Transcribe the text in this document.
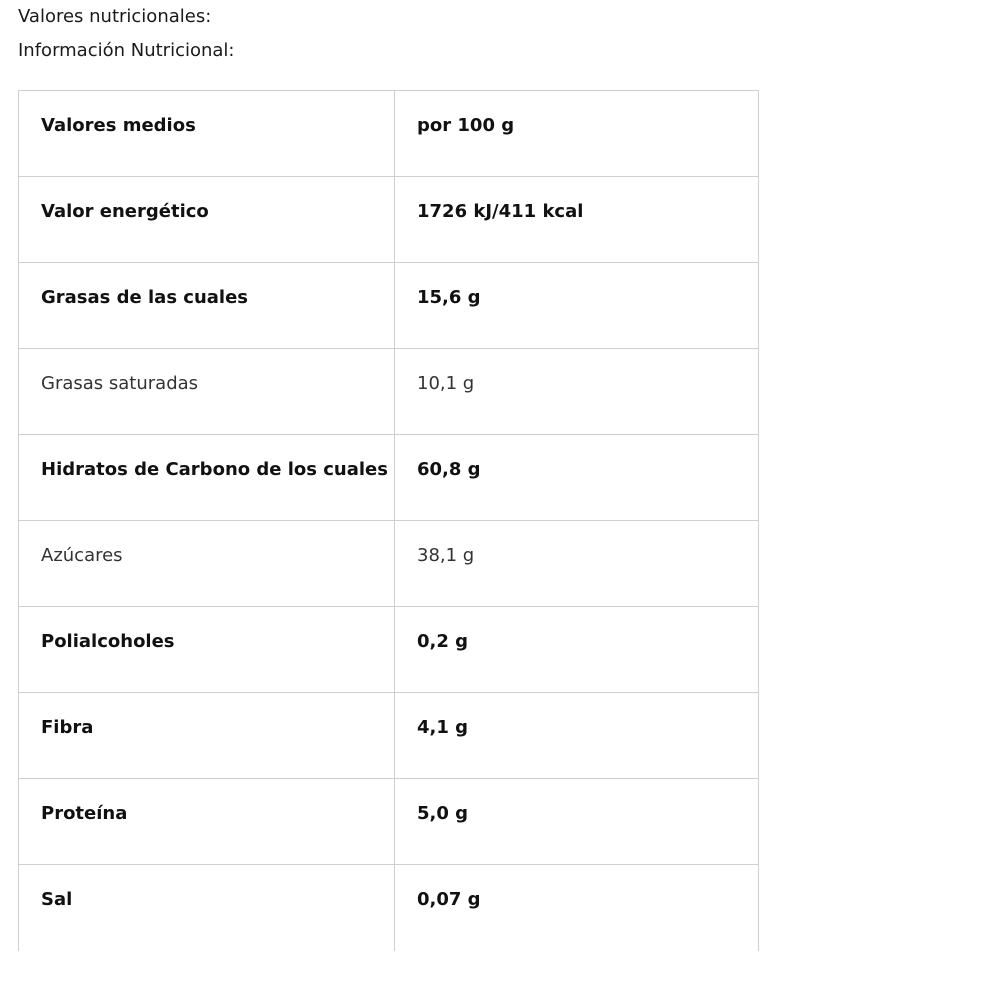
Valores nutricionales:
Información Nutricional:
Valores medios	por 100 g

Valor energético	1726 kJ/411 kcal

Grasas de las cuales	15,6 g

Grasas saturadas	10,1 g

Hidratos de Carbono de los cuales	60,8 g

Azúcares	38,1 g

Polialcoholes	0,2 g

Fibra	4,1 g

Proteína	5,0 g

Sal	0,07 g
